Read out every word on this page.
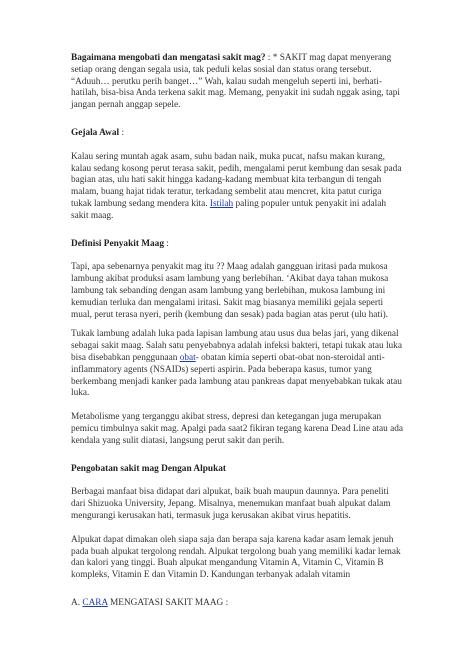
Bagaimana mengobati dan mengatasi sakit mag? : * SAKIT mag dapat menyerang setiap orang dengan segala usia, tak peduli kelas sosial dan status orang tersebut. “Aduuh… perutku perih banget…” Wah, kalau sudah mengeluh seperti ini, berhati-hatilah, bisa-bisa Anda terkena sakit mag. Memang, penyakit ini sudah nggak asing, tapi jangan pernah anggap sepele.

Gejala Awal :

Kalau sering muntah agak asam, suhu badan naik, muka pucat, nafsu makan kurang, kalau sedang kosong perut terasa sakit, pedih, mengalami perut kembung dan sesak pada bagian atas, ulu hati sakit hingga kadang-kadang membuat kita terbangun di tengah malam, buang hajat tidak teratur, terkadang sembelit atau mencret, kita patut curiga tukak lambung sedang mendera kita. Istilah paling populer untuk penyakit ini adalah sakit maag.

Definisi Penyakit Maag :

Tapi, apa sebenarnya penyakit mag itu ?? Maag adalah gangguan iritasi pada mukosa lambung akibat produksi asam lambung yang berlebihan. ‘Akibat daya tahan mukosa lambung tak sebanding dengan asam lambung yang berlebihan, mukosa lambung ini kemudian terluka dan mengalami iritasi. Sakit mag biasanya memiliki gejala seperti mual, perut terasa nyeri, perih (kembung dan sesak) pada bagian atas perut (ulu hati).

Tukak lambung adalah luka pada lapisan lambung atau usus dua belas jari, yang dikenal sebagai sakit maag. Salah satu penyebabnya adalah infeksi bakteri, tetapi tukak atau luka bisa disebabkan penggunaan obat- obatan kimia seperti obat-obat non-steroidal anti-inflammatory agents (NSAIDs) seperti aspirin. Pada beberapa kasus, tumor yang berkembang menjadi kanker pada lambung atau pankreas dapat menyebabkan tukak atau luka.

Metabolisme yang terganggu akibat stress, depresi dan ketegangan juga merupakan pemicu timbulnya sakit mag. Apalgi pada saat2 fikiran tegang karena Dead Line atau ada kendala yang sulit diatasi, langsung perut sakit dan perih.

Pengobatan sakit mag Dengan Alpukat

Berbagai manfaat bisa didapat dari alpukat, baik buah maupun daunnya. Para peneliti dari Shizuoka University, Jepang. Misalnya, menemukan manfaat buah alpukat dalam mengurangi kerusakan hati, termasuk juga kerusakan akibat virus hepatitis.

Alpukat dapat dimakan oleh siapa saja dan berapa saja karena kadar asam lemak jenuh pada buah alpukat tergolong rendah. Alpukat tergolong buah yang memiliki kadar lemak dan kalori yang tinggi. Buah alpukat mengandung Vitamin A, Vitamin C, Vitamin B kompleks, Vitamin E dan Vitamin D. Kandungan terbanyak adalah vitamin

A. CARA MENGATASI SAKIT MAAG :
